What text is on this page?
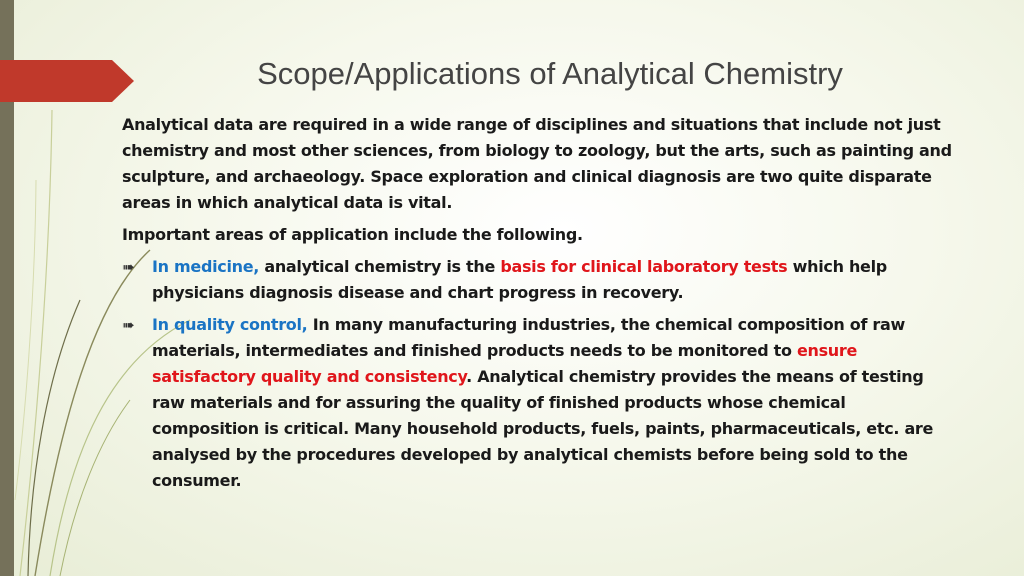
Scope/Applications of Analytical Chemistry

Analytical data are required in a wide range of disciplines and situations that include not just chemistry and most other sciences, from biology to zoology, but the arts, such as painting and sculpture, and archaeology. Space exploration and clinical diagnosis are two quite disparate areas in which analytical data is vital.

Important areas of application include the following.

➠ In medicine, analytical chemistry is the basis for clinical laboratory tests which help physicians diagnosis disease and chart progress in recovery.
➠ In quality control, In many manufacturing industries, the chemical composition of raw materials, intermediates and finished products needs to be monitored to ensure satisfactory quality and consistency. Analytical chemistry provides the means of testing raw materials and for assuring the quality of finished products whose chemical composition is critical. Many household products, fuels, paints, pharmaceuticals, etc. are analysed by the procedures developed by analytical chemists before being sold to the consumer.
